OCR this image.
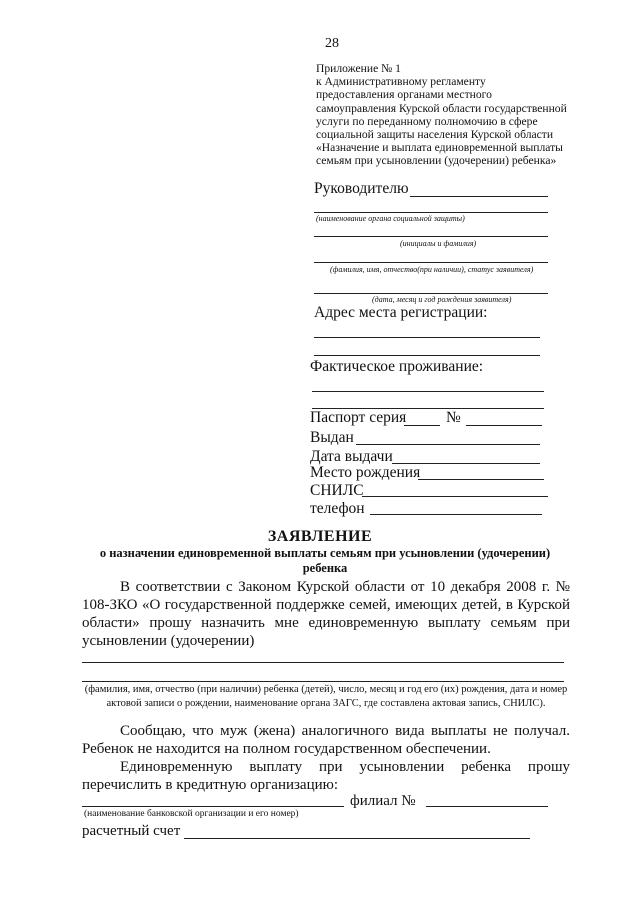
28
Приложение № 1
к Административному регламенту
предоставления органами местного
самоуправления Курской области государственной
услуги по переданному полномочию в сфере
социальной защиты населения Курской области
«Назначение и выплата единовременной выплаты
семьям при усыновлении (удочерении) ребенка»
Руководителю
(наименование органа социальной защиты)
(инициалы и фамилия)
(фамилия, имя, отчество(при наличии), статус заявителя)
(дата, месяц и год рождения заявителя)
Адрес места регистрации:
Фактическое проживание:
Паспорт серия	№
Выдан
Дата выдачи
Место рождения
СНИЛС
телефон
ЗАЯВЛЕНИЕ
о назначении единовременной выплаты семьям при усыновлении (удочерении) ребенка
В соответствии с Законом Курской области от 10 декабря 2008 г. № 108-ЗКО «О государственной поддержке семей, имеющих детей, в Курской области» прошу назначить мне единовременную выплату семьям при усыновлении (удочерении)
(фамилия, имя, отчество (при наличии) ребенка (детей), число, месяц и год его (их) рождения, дата и номер актовой записи о рождении, наименование органа ЗАГС, где составлена актовая запись, СНИЛС).
Сообщаю, что муж (жена) аналогичного вида выплаты не получал. Ребенок не находится на полном государственном обеспечении.
Единовременную выплату при усыновлении ребенка прошу перечислить в кредитную организацию:
филиал №
(наименование банковской организации и его номер)
расчетный счет
